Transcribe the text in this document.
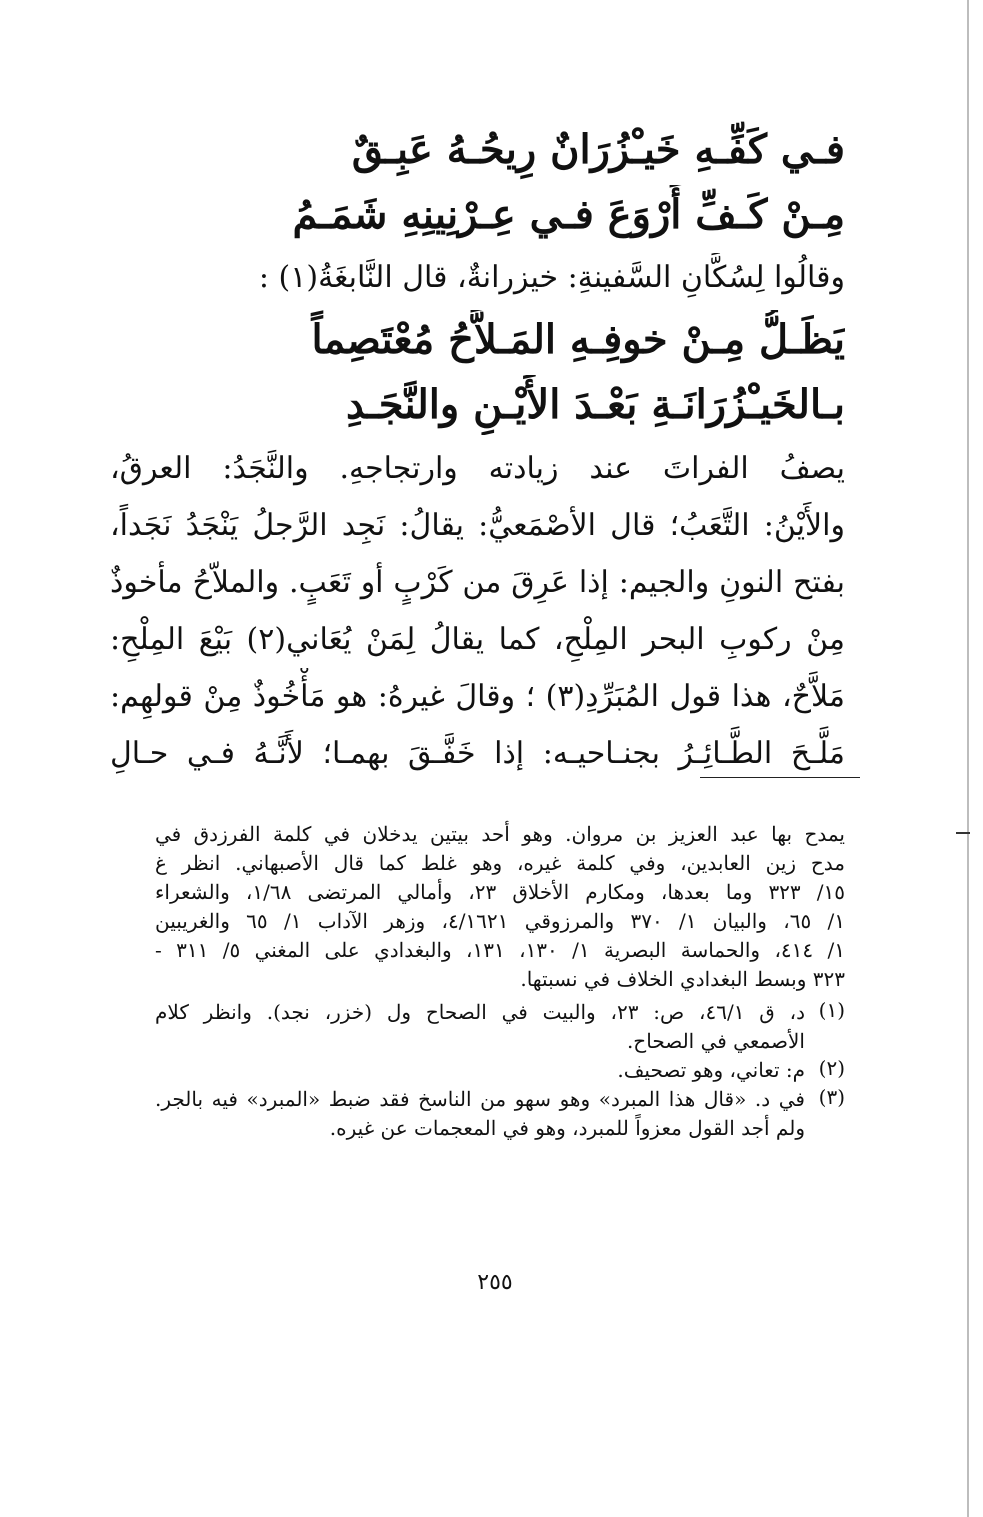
فـي كَفِّـهِ خَيـْزُرَانٌ رِيحُـهُ عَبِـقٌ
مِـنْ كَـفِّ أَرْوَعَ فـي عِـرْنِينِهِ شَمَـمُ
وقالُوا لِسُكَّانِ السَّفينةِ: خيزرانةٌ، قال النَّابغَةُ(١) :
يَظَـلُّ مِـنْ خوفِـهِ المَـلاَّحُ مُعْتَصِماً
بـالخَيـْزُرَانَـةِ بَعْـدَ الأَيْـنِ والنَّجَـدِ
يصفُ الفراتَ عند زيادته وارتجاجهِ. والنَّجَدُ: العرقُ،
والأَيْنُ: التَّعَبُ؛ قال الأصْمَعيُّ: يقالُ: نَجِد الرَّجلُ يَنْجَدُ نَجَداً،
بفتح النونِ والجيم: إذا عَرِقَ من كَرْبٍ أو تَعَبٍ. والملاّحُ مأخوذٌ
مِنْ ركوبِ البحر المِلْحِ، كما يقالُ لِمَنْ يُعَاني(٢) بَيْعَ المِلْحِ:
مَلاَّحٌ، هذا قول المُبَرِّدِ(٣) ؛ وقالَ غيرهُ: هو مَأْخُوذٌ مِنْ قولهِم:
مَلَّـحَ الطَّـائِـرُ بجنـاحيـه: إذا خَفَّـقَ بهمـا؛ لأَنَّـهُ فـي حـالِ
يمدح بها عبد العزيز بن مروان. وهو أحد بيتين يدخلان في كلمة الفرزدق في
مدح زين العابدين، وفي كلمة غيره، وهو غلط كما قال الأصبهاني. انظر غ
١٥/ ٣٢٣ وما بعدها، ومكارم الأخلاق ٢٣، وأمالي المرتضى ١/٦٨، والشعراء
١/ ٦٥، والبيان ١/ ٣٧٠ والمرزوقي ٤/١٦٢١، وزهر الآداب ١/ ٦٥ والغريبين
١/ ٤١٤، والحماسة البصرية ١/ ١٣٠، ١٣١، والبغدادي على المغني ٥/ ٣١١ -
٣٢٣ وبسط البغدادي الخلاف في نسبتها.
(١)
د، ق ٤٦/١، ص: ٢٣، والبيت في الصحاح ول (خزر، نجد). وانظر كلام
الأصمعي في الصحاح.
(٢)
م: تعاني، وهو تصحيف.
(٣)
في د. «قال هذا المبرد» وهو سهو من الناسخ فقد ضبط «المبرد» فيه بالجر.
ولم أجد القول معزواً للمبرد، وهو في المعجمات عن غيره.
٢٥٥
